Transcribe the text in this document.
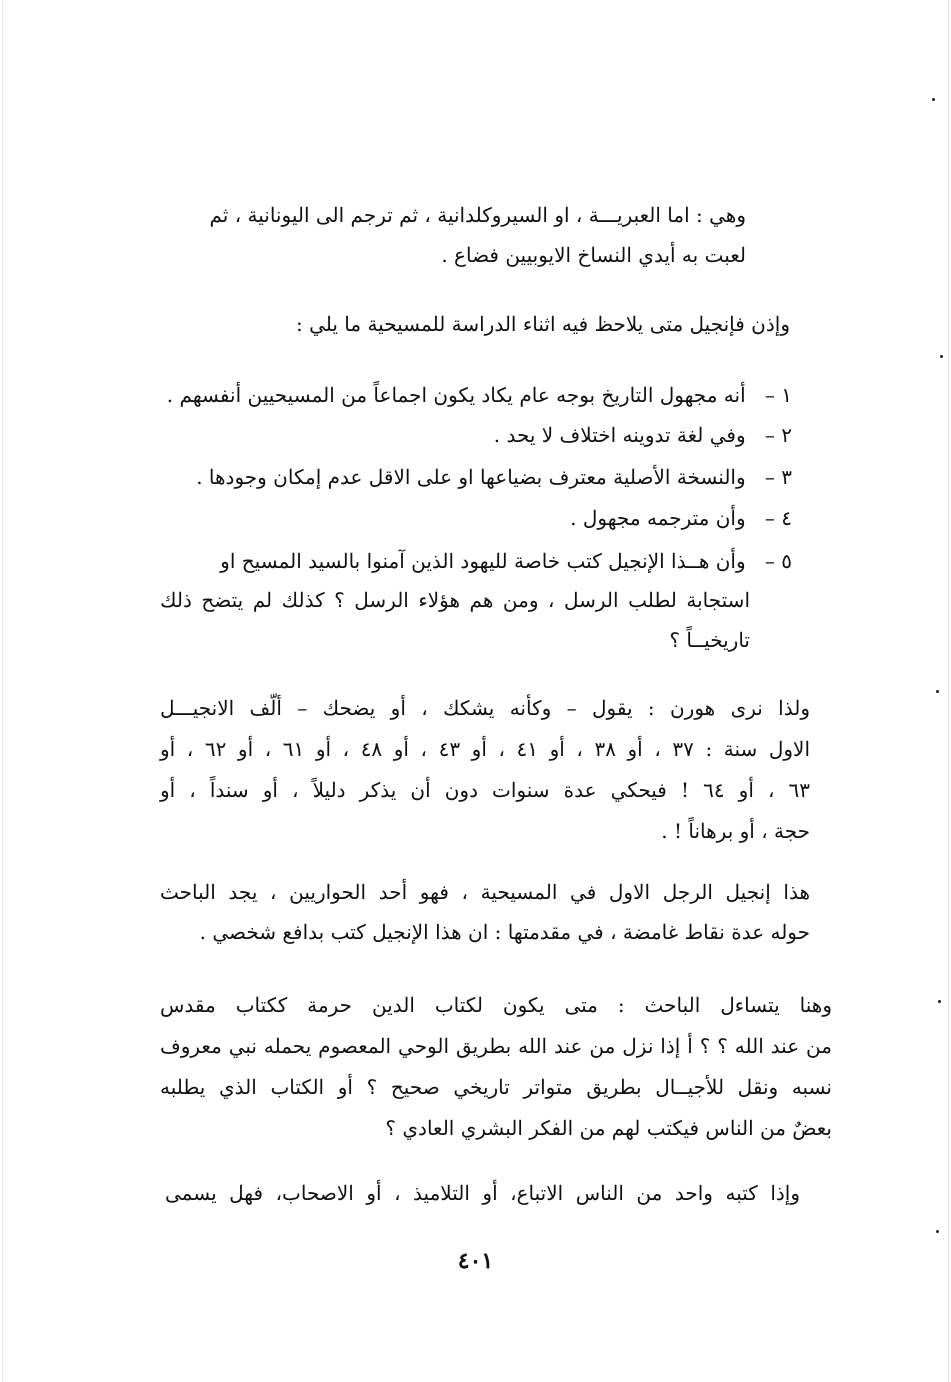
وهي : اما العبريـــة ، او السيروكلدانية ، ثم ترجم الى اليونانية ، ثم
لعبت به أيدي النساخ الايوبيين فضاع .
وإذن فإنجيل متى يلاحظ فيه اثناء الدراسة للمسيحية ما يلي :
١ – أنه مجهول التاريخ بوجه عام يكاد يكون اجماعاً من المسيحيين أنفسهم .
٢ – وفي لغة تدوينه اختلاف لا يحد .
٣ – والنسخة الأصلية معترف بضياعها او على الاقل عدم إمكان وجودها .
٤ – وأن مترجمه مجهول .
٥ – وأن هــذا الإنجيل كتب خاصة لليهود الذين آمنوا بالسيد المسيح او
استجابة لطلب الرسل ، ومن هم هؤلاء الرسل ؟ كذلك لم يتضح ذلك
تاريخيــاً ؟
ولذا نرى هورن : يقول – وكأنه يشكك ، أو يضحك – ألّف الانجيـــل
الاول سنة : ٣٧ ، أو ٣٨ ، أو ٤١ ، أو ٤٣ ، أو ٤٨ ، أو ٦١ ، أو ٦٢ ، أو
٦٣ ، أو ٦٤ ! فيحكي عدة سنوات دون أن يذكر دليلاً ، أو سنداً ، أو
حجة ، أو برهاناً ! .
هذا إنجيل الرجل الاول في المسيحية ، فهو أحد الحواريين ، يجد الباحث
حوله عدة نقاط غامضة ، في مقدمتها : ان هذا الإنجيل كتب بدافع شخصي .
وهنا يتساءل الباحث : متى يكون لكتاب الدين حرمة ككتاب مقدس
من عند الله ؟ ؟ أ إذا نزل من عند الله بطريق الوحي المعصوم يحمله نبي معروف
نسبه ونقل للأجيــال بطريق متواتر تاريخي صحيح ؟ أو الكتاب الذي يطلبه
بعضٌ من الناس فيكتب لهم من الفكر البشري العادي ؟
وإذا كتبه واحد من الناس الاتباع، أو التلاميذ ، أو الاصحاب، فهل يسمى
٤٠١
